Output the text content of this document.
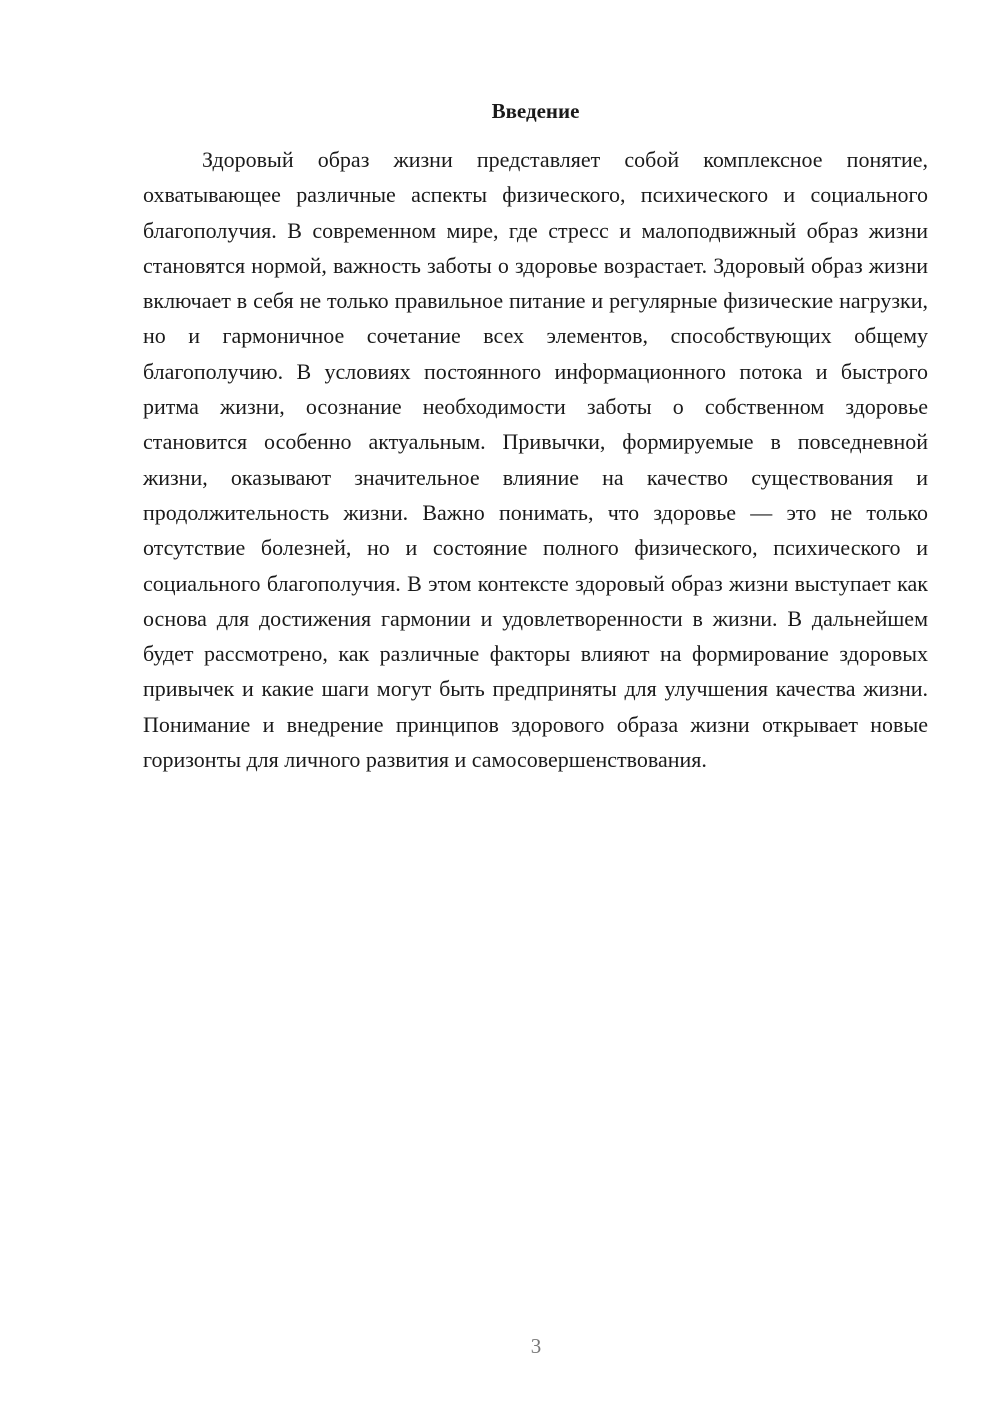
Введение

Здоровый образ жизни представляет собой комплексное понятие, охватывающее различные аспекты физического, психического и социального благополучия. В современном мире, где стресс и малоподвижный образ жизни становятся нормой, важность заботы о здоровье возрастает. Здоровый образ жизни включает в себя не только правильное питание и регулярные физические нагрузки, но и гармоничное сочетание всех элементов, способствующих общему благополучию. В условиях постоянного информационного потока и быстрого ритма жизни, осознание необходимости заботы о собственном здоровье становится особенно актуальным. Привычки, формируемые в повседневной жизни, оказывают значительное влияние на качество существования и продолжительность жизни. Важно понимать, что здоровье — это не только отсутствие болезней, но и состояние полного физического, психического и социального благополучия. В этом контексте здоровый образ жизни выступает как основа для достижения гармонии и удовлетворенности в жизни. В дальнейшем будет рассмотрено, как различные факторы влияют на формирование здоровых привычек и какие шаги могут быть предприняты для улучшения качества жизни. Понимание и внедрение принципов здорового образа жизни открывает новые горизонты для личного развития и самосовершенствования.

3
